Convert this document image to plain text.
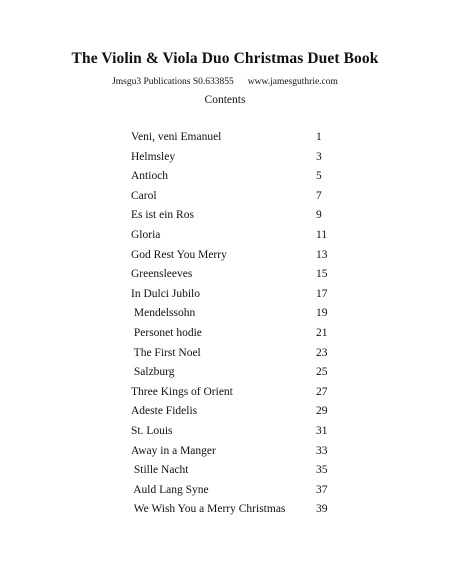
The Violin & Viola Duo Christmas Duet Book
Jmsgu3 Publications S0.633855 www.jamesguthrie.com
Contents
Veni, veni Emanuel	1
Helmsley	3
Antioch	5
Carol	7
Es ist ein Ros	9
Gloria	11
God Rest You Merry	13
Greensleeves	15
In Dulci Jubilo	17
Mendelssohn	19
Personet hodie	21
The First Noel	23
Salzburg	25
Three Kings of Orient	27
Adeste Fidelis	29
St. Louis	31
Away in a Manger	33
Stille Nacht	35
Auld Lang Syne	37
We Wish You a Merry Christmas	39
